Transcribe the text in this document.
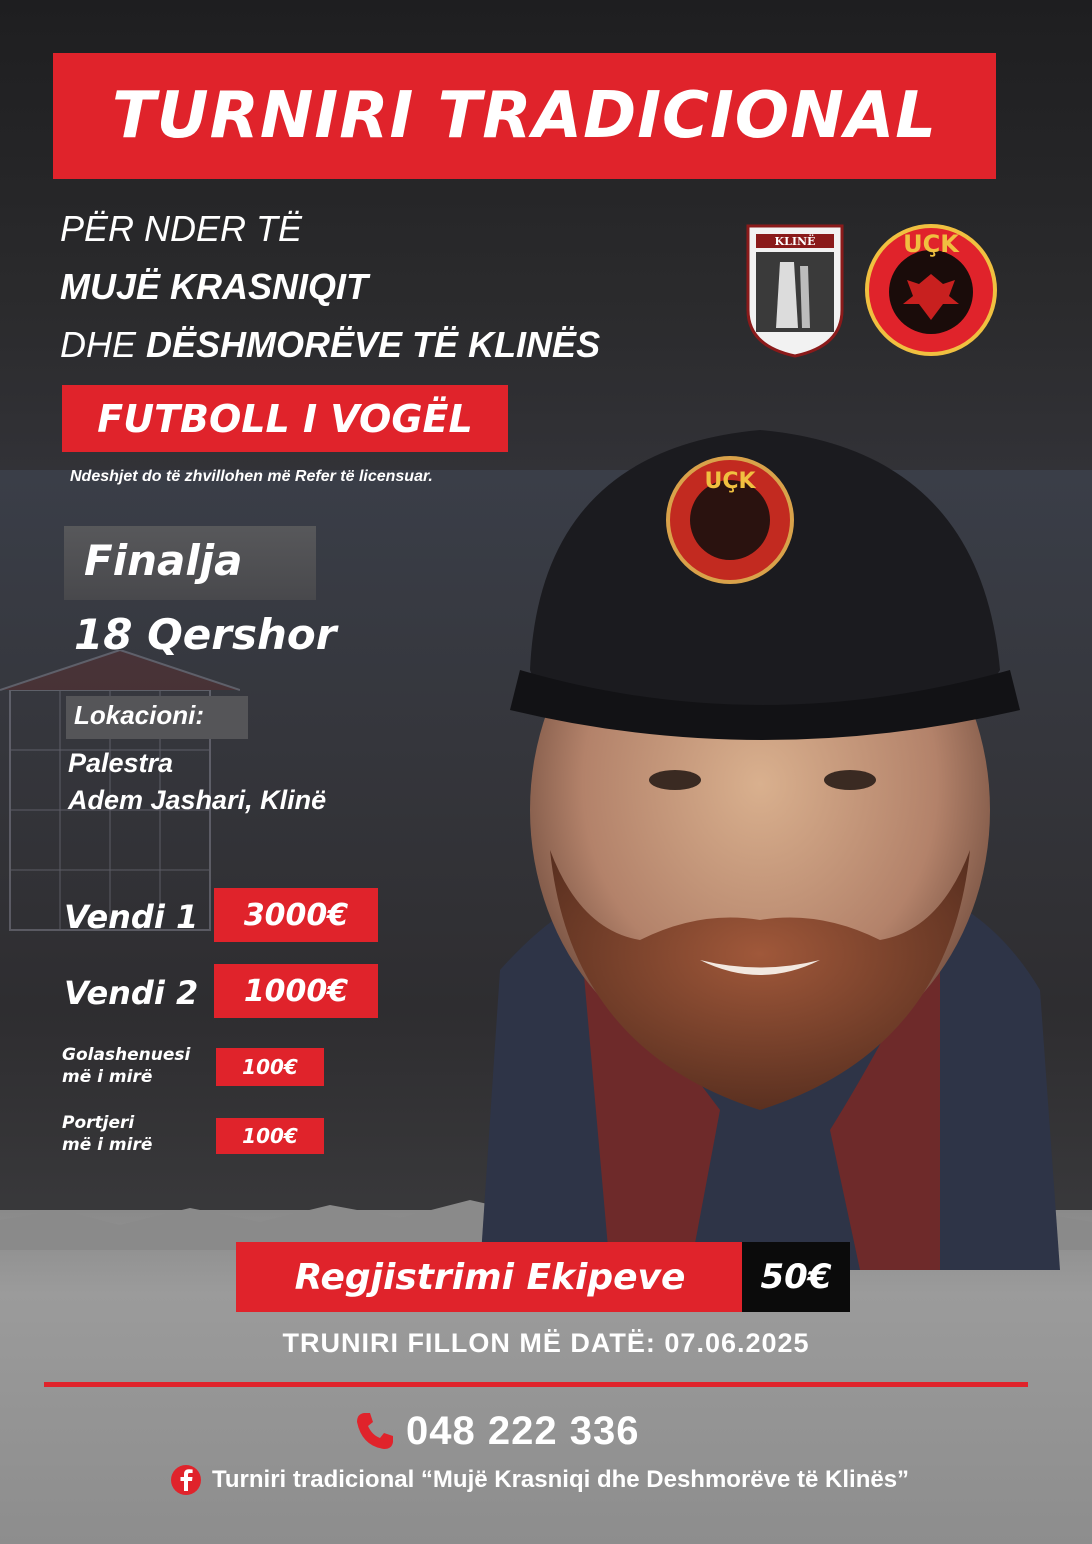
UÇK
TURNIRI TRADICIONAL
PËR NDER TË
MUJË KRASNIQIT
DHE DËSHMORËVE TË KLINËS
KLINË	UÇK
FUTBOLL I VOGËL
Ndeshjet do të zhvillohen më Refer të licensuar.
Finalja
18 Qershor
Lokacioni:
Palestra
Adem Jashari, Klinë
Vendi 1	3000€
Vendi 2	1000€
Golashenuesi
më i mirë	100€
Portjeri
më i mirë	100€
Regjistrimi Ekipeve 50€
TRUNIRI FILLON MË DATË: 07.06.2025
048 222 336
Turniri tradicional “Mujë Krasniqi dhe Deshmorëve të Klinës”
